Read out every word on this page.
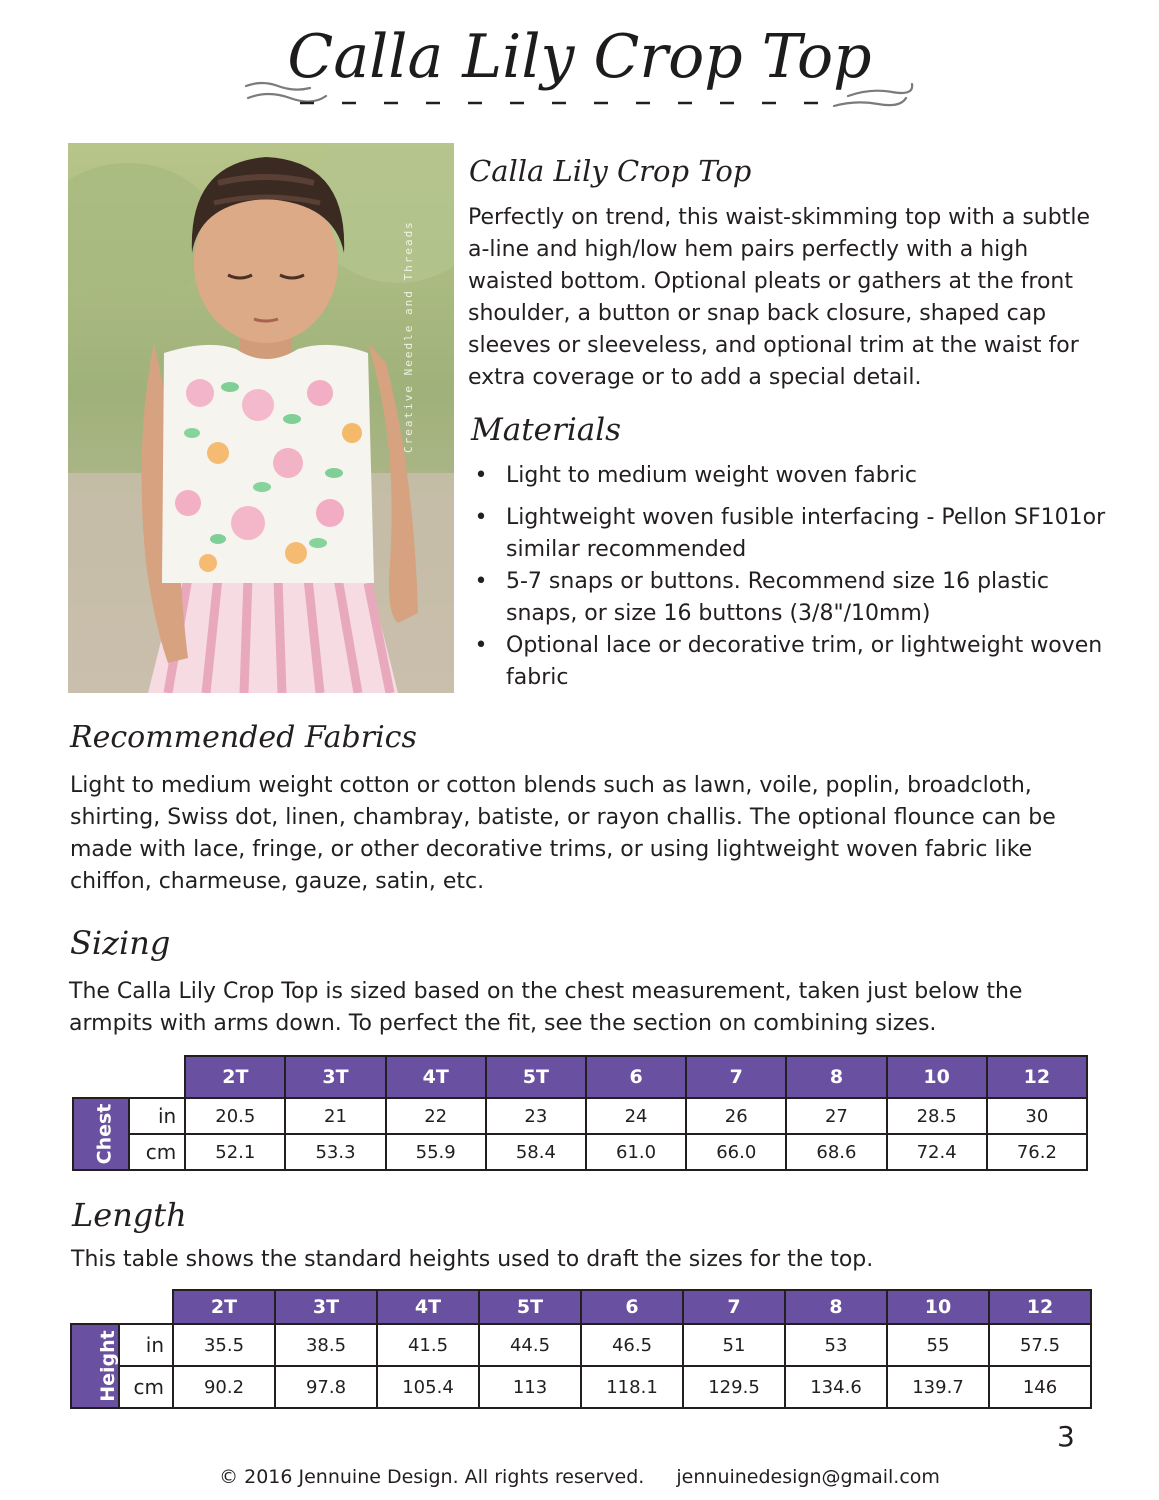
Calla Lily Crop Top
Creative Needle and Threads
Calla Lily Crop Top
Perfectly on trend, this waist-skimming top with a subtle a-line and high/low hem pairs perfectly with a high waisted bottom. Optional pleats or gathers at the front shoulder, a button or snap back closure, shaped cap sleeves or sleeveless, and optional trim at the waist for extra coverage or to add a special detail.
Materials
• Light to medium weight woven fabric
• Lightweight woven fusible interfacing - Pellon SF101or similar recommended
• 5-7 snaps or buttons. Recommend size 16 plastic snaps, or size 16 buttons (3/8"/10mm)
• Optional lace or decorative trim, or lightweight woven fabric
Recommended Fabrics
Light to medium weight cotton or cotton blends such as lawn, voile, poplin, broadcloth, shirting, Swiss dot, linen, chambray, batiste, or rayon challis. The optional flounce can be made with lace, fringe, or other decorative trims, or using lightweight woven fabric like chiffon, charmeuse, gauze, satin, etc.
Sizing
The Calla Lily Crop Top is sized based on the chest measurement, taken just below the armpits with arms down. To perfect the fit, see the section on combining sizes.
		2T	3T	4T	5T	6	7	8	10	12
Chest	in	20.5	21	22	23	24	26	27	28.5	30
	cm	52.1	53.3	55.9	58.4	61.0	66.0	68.6	72.4	76.2
Length
This table shows the standard heights used to draft the sizes for the top.
		2T	3T	4T	5T	6	7	8	10	12
Height	in	35.5	38.5	41.5	44.5	46.5	51	53	55	57.5
	cm	90.2	97.8	105.4	113	118.1	129.5	134.6	139.7	146
3
© 2016 Jennuine Design. All rights reserved. jennuinedesign@gmail.com
